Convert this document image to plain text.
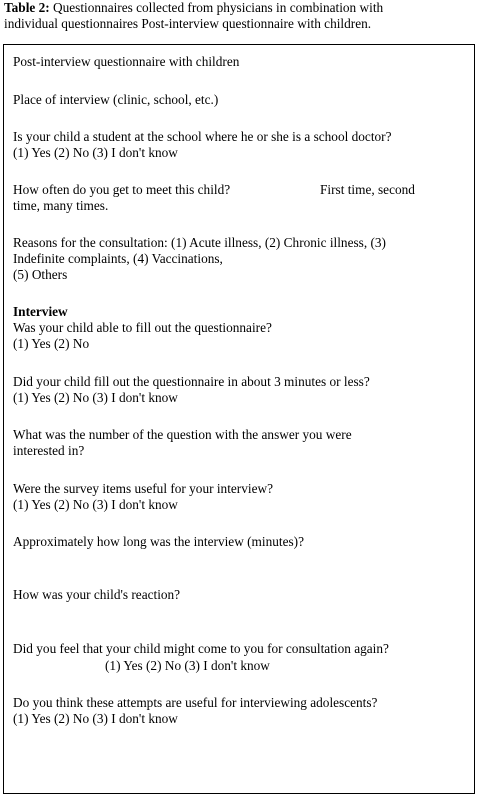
Table 2: Questionnaires collected from physicians in combination with
individual questionnaires Post-interview questionnaire with children.
Post-interview questionnaire with children
Place of interview (clinic, school, etc.)
Is your child a student at the school where he or she is a school doctor?
(1) Yes (2) No (3) I don't know
How often do you get to meet this child?	First time, second
time, many times.
Reasons for the consultation: (1) Acute illness, (2) Chronic illness, (3)
Indefinite complaints, (4) Vaccinations,
(5) Others
Interview
Was your child able to fill out the questionnaire?
(1) Yes (2) No
Did your child fill out the questionnaire in about 3 minutes or less?
(1) Yes (2) No (3) I don't know
What was the number of the question with the answer you were
interested in?
Were the survey items useful for your interview?
(1) Yes (2) No (3) I don't know
Approximately how long was the interview (minutes)?
How was your child's reaction?
Did you feel that your child might come to you for consultation again?
(1) Yes (2) No (3) I don't know
Do you think these attempts are useful for interviewing adolescents?
(1) Yes (2) No (3) I don't know
